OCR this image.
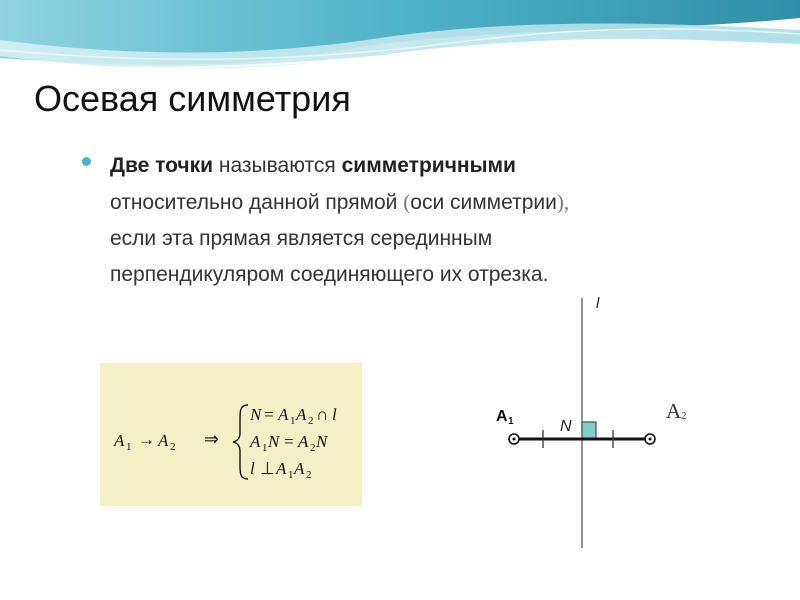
Осевая симметрия
Две точки называются симметричными
относительно данной прямой (оси симметрии),
если эта прямая является серединным
перпендикуляром соединяющего их отрезка.
A 1 → A 2 ⇒
N = A 1 A 2 ∩ l
A 1 N = A 2 N
l ⊥ A 1 A 2
l
A 1	N
A 2
